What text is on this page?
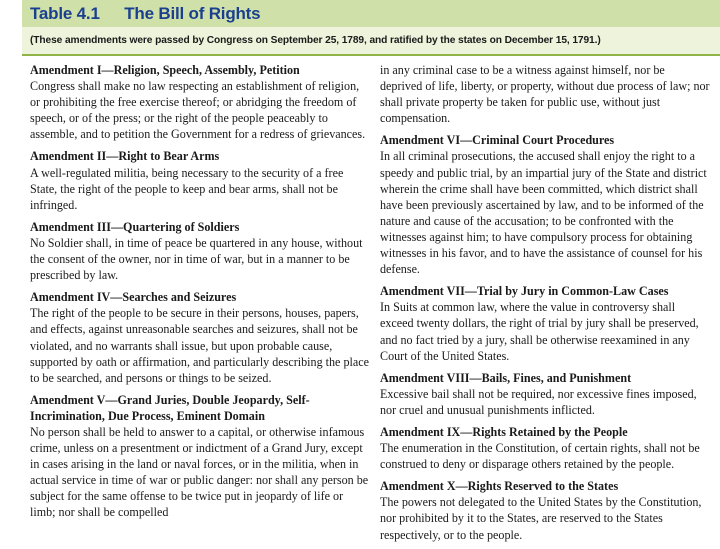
Table 4.1 The Bill of Rights
(These amendments were passed by Congress on September 25, 1789, and ratified by the states on December 15, 1791.)
Amendment I—Religion, Speech, Assembly, Petition
Congress shall make no law respecting an establishment of religion, or prohibiting the free exercise thereof; or abridging the freedom of speech, or of the press; or the right of the people peaceably to assemble, and to petition the Government for a redress of grievances.
Amendment II—Right to Bear Arms
A well-regulated militia, being necessary to the security of a free State, the right of the people to keep and bear arms, shall not be infringed.
Amendment III—Quartering of Soldiers
No Soldier shall, in time of peace be quartered in any house, without the consent of the owner, nor in time of war, but in a manner to be prescribed by law.
Amendment IV—Searches and Seizures
The right of the people to be secure in their persons, houses, papers, and effects, against unreasonable searches and seizures, shall not be violated, and no warrants shall issue, but upon probable cause, supported by oath or affirmation, and particularly describing the place to be searched, and persons or things to be seized.
Amendment V—Grand Juries, Double Jeopardy, Self-Incrimination, Due Process, Eminent Domain
No person shall be held to answer to a capital, or otherwise infamous crime, unless on a presentment or indictment of a Grand Jury, except in cases arising in the land or naval forces, or in the militia, when in actual service in time of war or public danger: nor shall any person be subject for the same offense to be twice put in jeopardy of life or limb; nor shall be compelled
in any criminal case to be a witness against himself, nor be deprived of life, liberty, or property, without due process of law; nor shall private property be taken for public use, without just compensation.
Amendment VI—Criminal Court Procedures
In all criminal prosecutions, the accused shall enjoy the right to a speedy and public trial, by an impartial jury of the State and district wherein the crime shall have been committed, which district shall have been previously ascertained by law, and to be informed of the nature and cause of the accusation; to be confronted with the witnesses against him; to have compulsory process for obtaining witnesses in his favor, and to have the assistance of counsel for his defense.
Amendment VII—Trial by Jury in Common-Law Cases
In Suits at common law, where the value in controversy shall exceed twenty dollars, the right of trial by jury shall be preserved, and no fact tried by a jury, shall be otherwise reexamined in any Court of the United States.
Amendment VIII—Bails, Fines, and Punishment
Excessive bail shall not be required, nor excessive fines imposed, nor cruel and unusual punishments inflicted.
Amendment IX—Rights Retained by the People
The enumeration in the Constitution, of certain rights, shall not be construed to deny or disparage others retained by the people.
Amendment X—Rights Reserved to the States
The powers not delegated to the United States by the Constitution, nor prohibited by it to the States, are reserved to the States respectively, or to the people.
